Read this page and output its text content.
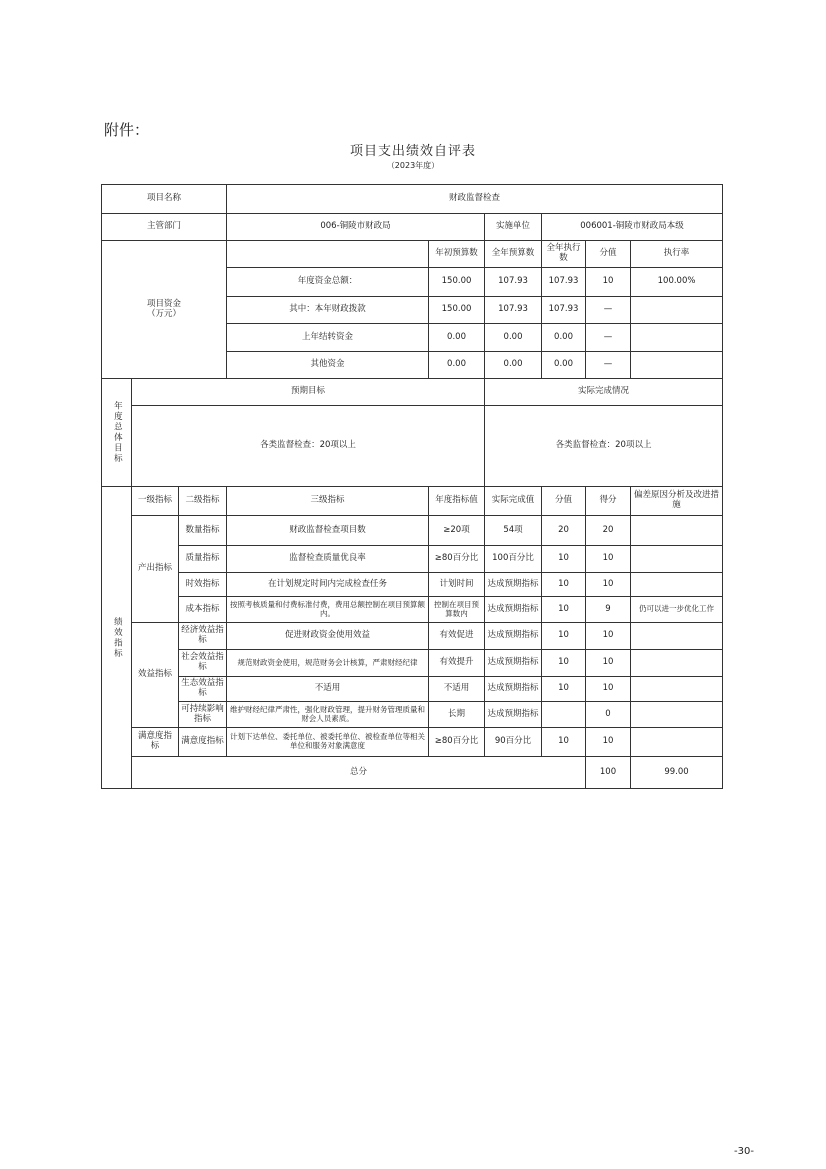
附件：
项目支出绩效自评表
（2023年度）
项目名称			财政监督检查						
主管部门			006-铜陵市财政局		实施单位	006001-铜陵市财政局本级			
项目资金
（万元）				年初预算数	全年预算数	全年执行数	分值	执行率	
			年度资金总额：	150.00	107.93	107.93	10	100.00%	
			其中：本年财政拨款	150.00	107.93	107.93	—		
			上年结转资金	0.00	0.00	0.00	—		
			其他资金	0.00	0.00	0.00	—		
年度总体目标	预期目标				实际完成情况				
	各类监督检查：20项以上				各类监督检查：20项以上				
绩效指标	一级指标	二级指标	三级指标	年度指标值	实际完成值	分值	得分	偏差原因分析及改进措施	
	产出指标	数量指标	财政监督检查项目数	≥20项	54项	20	20		
		质量指标	监督检查质量优良率	≥80百分比	100百分比	10	10		
		时效指标	在计划规定时间内完成检查任务	计划时间	达成预期指标	10	10		
		成本指标	按照考核质量和付费标准付费，费用总额控制在项目预算额内。	控制在项目预算数内	达成预期指标	10	9	仍可以进一步优化工作	
	效益指标	经济效益指标	促进财政资金使用效益	有效促进	达成预期指标	10	10		
		社会效益指标	规范财政资金使用，规范财务会计核算，严肃财经纪律	有效提升	达成预期指标	10	10		
		生态效益指标	不适用	不适用	达成预期指标	10	10		
		可持续影响指标	维护财经纪律严肃性，强化财政管理，提升财务管理质量和财会人员素质。	长期	达成预期指标		0		
	满意度指标	满意度指标	计划下达单位、委托单位、被委托单位、被检查单位等相关单位和服务对象满意度	≥80百分比	90百分比	10	10		
	总分						100	99.00	
-30-
